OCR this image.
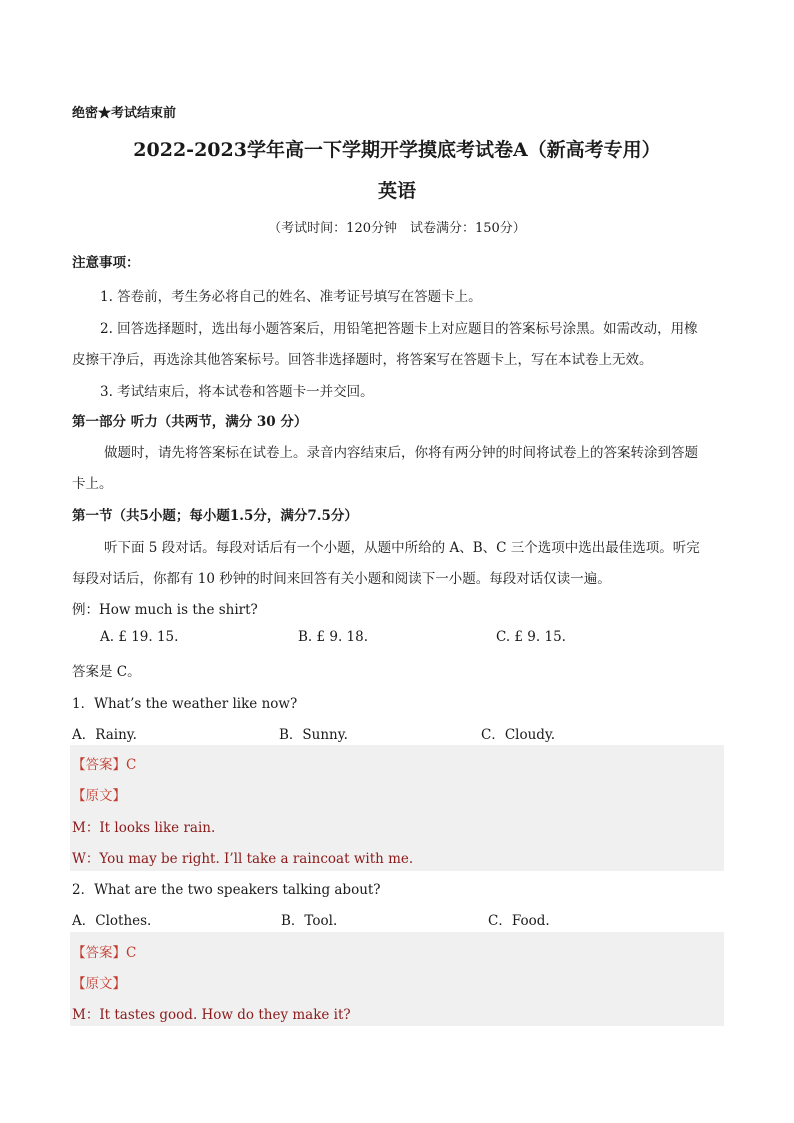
绝密★考试结束前
2022-2023学年高一下学期开学摸底考试卷A（新高考专用）
英语
（考试时间：120分钟　试卷满分：150分）
注意事项：
1. 答卷前，考生务必将自己的姓名、准考证号填写在答题卡上。
2. 回答选择题时，选出每小题答案后，用铅笔把答题卡上对应题目的答案标号涂黑。如需改动，用橡
皮擦干净后，再选涂其他答案标号。回答非选择题时，将答案写在答题卡上，写在本试卷上无效。
3. 考试结束后，将本试卷和答题卡一并交回。
第一部分 听力（共两节，满分 30 分）
做题时，请先将答案标在试卷上。录音内容结束后，你将有两分钟的时间将试卷上的答案转涂到答题
卡上。
第一节（共5小题；每小题1.5分，满分7.5分）
听下面 5 段对话。每段对话后有一个小题，从题中所给的 A、B、C 三个选项中选出最佳选项。听完
每段对话后，你都有 10 秒钟的时间来回答有关小题和阅读下一小题。每段对话仅读一遍。
例：How much is the shirt?
A. £ 19. 15.	B. £ 9. 18.	C. £ 9. 15.
答案是 C。
1．What’s the weather like now?
A．Rainy.	B．Sunny.	C．Cloudy.
【答案】C
【原文】
M：It looks like rain.
W：You may be right. I’ll take a raincoat with me.
2．What are the two speakers talking about?
A．Clothes.	B．Tool.	C．Food.
【答案】C
【原文】
M：It tastes good. How do they make it?
